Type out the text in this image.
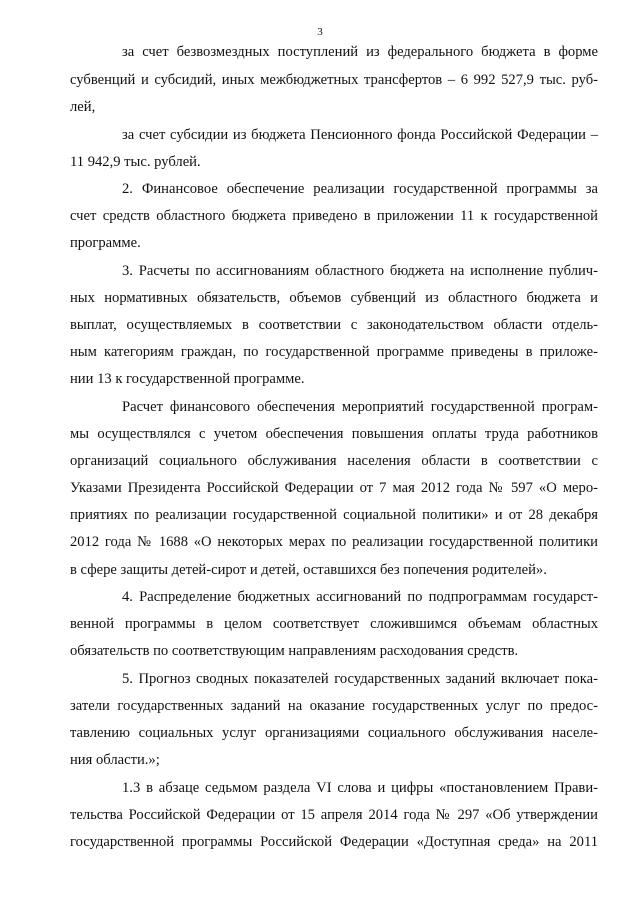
3
за счет безвозмездных поступлений из федерального бюджета в форме
субвенций и субсидий, иных межбюджетных трансфертов – 6 992 527,9 тыс. руб-
лей,
за счет субсидии из бюджета Пенсионного фонда Российской Федерации –
11 942,9 тыс. рублей.
2. Финансовое обеспечение реализации государственной программы за
счет средств областного бюджета приведено в приложении 11 к государственной
программе.
3. Расчеты по ассигнованиям областного бюджета на исполнение публич-
ных нормативных обязательств, объемов субвенций из областного бюджета и
выплат, осуществляемых в соответствии с законодательством области отдель-
ным категориям граждан, по государственной программе приведены в приложе-
нии 13 к государственной программе.
Расчет финансового обеспечения мероприятий государственной програм-
мы осуществлялся с учетом обеспечения повышения оплаты труда работников
организаций социального обслуживания населения области в соответствии с
Указами Президента Российской Федерации от 7 мая 2012 года № 597 «О меро-
приятиях по реализации государственной социальной политики» и от 28 декабря
2012 года № 1688 «О некоторых мерах по реализации государственной политики
в сфере защиты детей-сирот и детей, оставшихся без попечения родителей».
4. Распределение бюджетных ассигнований по подпрограммам государст-
венной программы в целом соответствует сложившимся объемам областных
обязательств по соответствующим направлениям расходования средств.
5. Прогноз сводных показателей государственных заданий включает пока-
затели государственных заданий на оказание государственных услуг по предос-
тавлению социальных услуг организациями социального обслуживания населе-
ния области.»;
1.3 в абзаце седьмом раздела VI слова и цифры «постановлением Прави-
тельства Российской Федерации от 15 апреля 2014 года № 297 «Об утверждении
государственной программы Российской Федерации «Доступная среда» на 2011
